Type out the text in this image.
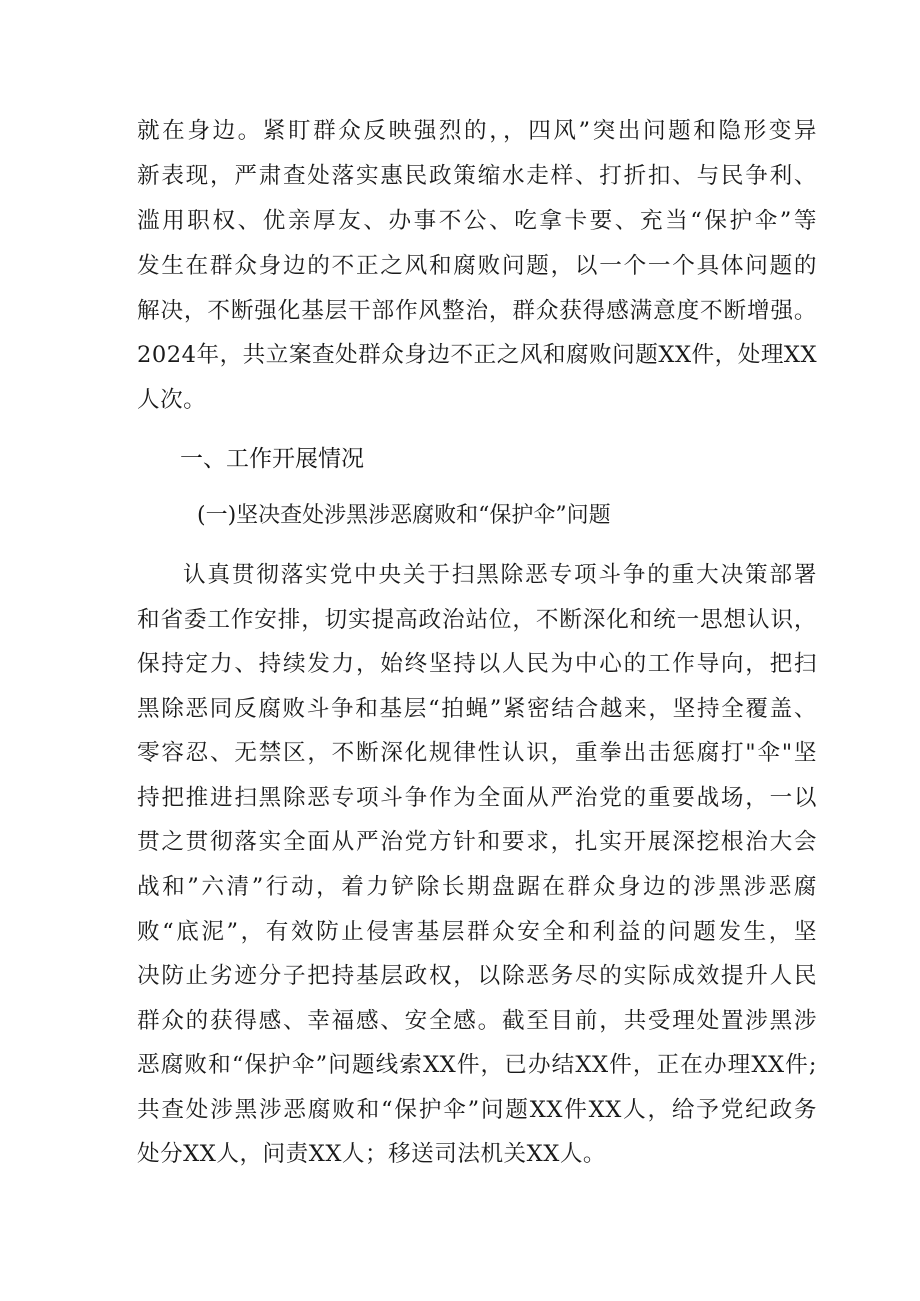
就在身边。紧盯群众反映强烈的，，四风”突出问题和隐形变异
新表现，严肃查处落实惠民政策缩水走样、打折扣、与民争利、
滥用职权、优亲厚友、办事不公、吃拿卡要、充当“保护伞”等
发生在群众身边的不正之风和腐败问题，以一个一个具体问题的
解决，不断强化基层干部作风整治，群众获得感满意度不断增强。
2024年，共立案查处群众身边不正之风和腐败问题XX件，处理XX
人次。
一、工作开展情况
(一)坚决查处涉黑涉恶腐败和“保护伞”问题
认真贯彻落实党中央关于扫黑除恶专项斗争的重大决策部署
和省委工作安排，切实提高政治站位，不断深化和统一思想认识，
保持定力、持续发力，始终坚持以人民为中心的工作导向，把扫
黑除恶同反腐败斗争和基层“拍蝇”紧密结合越来，坚持全覆盖、
零容忍、无禁区，不断深化规律性认识，重拳出击惩腐打"伞"坚
持把推进扫黑除恶专项斗争作为全面从严治党的重要战场，一以
贯之贯彻落实全面从严治党方针和要求，扎实开展深挖根治大会
战和”六清”行动，着力铲除长期盘踞在群众身边的涉黑涉恶腐
败“底泥”，有效防止侵害基层群众安全和利益的问题发生，坚
决防止劣迹分子把持基层政权，以除恶务尽的实际成效提升人民
群众的获得感、幸福感、安全感。截至目前，共受理处置涉黑涉
恶腐败和“保护伞”问题线索XX件，已办结XX件，正在办理XX件;
共查处涉黑涉恶腐败和“保护伞”问题XX件XX人，给予党纪政务
处分XX人，问责XX人；移送司法机关XX人。
